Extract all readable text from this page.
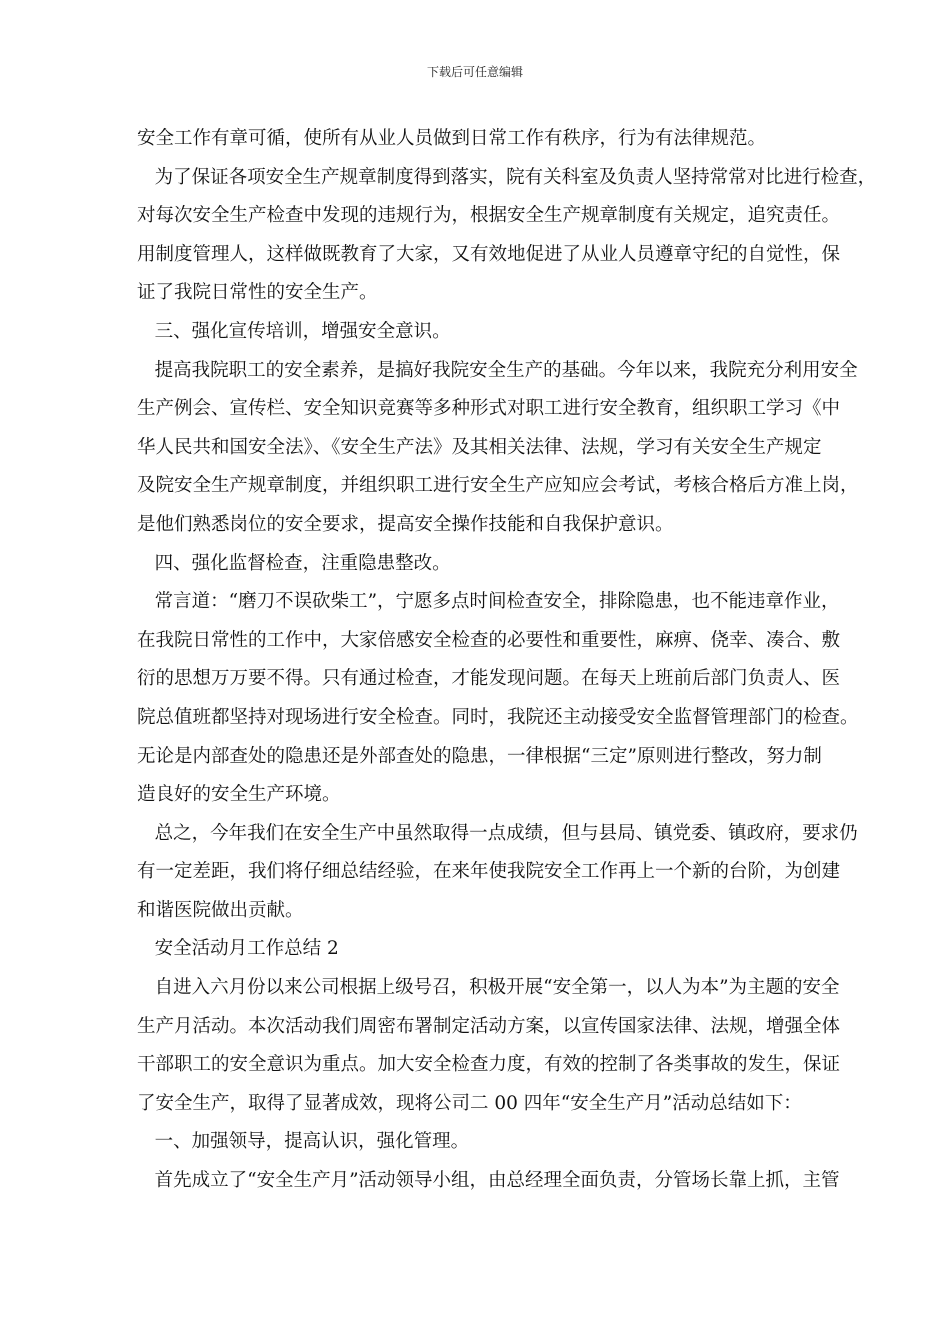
下载后可任意编辑
安全工作有章可循，使所有从业人员做到日常工作有秩序，行为有法律规范。
为了保证各项安全生产规章制度得到落实，院有关科室及负责人坚持常常对比进行检查，
对每次安全生产检查中发现的违规行为，根据安全生产规章制度有关规定，追究责任。
用制度管理人，这样做既教育了大家，又有效地促进了从业人员遵章守纪的自觉性，保
证了我院日常性的安全生产。
三、强化宣传培训，增强安全意识。
提高我院职工的安全素养，是搞好我院安全生产的基础。今年以来，我院充分利用安全
生产例会、宣传栏、安全知识竞赛等多种形式对职工进行安全教育，组织职工学习《中
华人民共和国安全法》、《安全生产法》及其相关法律、法规，学习有关安全生产规定
及院安全生产规章制度，并组织职工进行安全生产应知应会考试，考核合格后方准上岗，
是他们熟悉岗位的安全要求，提高安全操作技能和自我保护意识。
四、强化监督检查，注重隐患整改。
常言道：“磨刀不误砍柴工”，宁愿多点时间检查安全，排除隐患，也不能违章作业，
在我院日常性的工作中，大家倍感安全检查的必要性和重要性，麻痹、侥幸、凑合、敷
衍的思想万万要不得。只有通过检查，才能发现问题。在每天上班前后部门负责人、医
院总值班都坚持对现场进行安全检查。同时，我院还主动接受安全监督管理部门的检查。
无论是内部查处的隐患还是外部查处的隐患，一律根据“三定”原则进行整改，努力制
造良好的安全生产环境。
总之，今年我们在安全生产中虽然取得一点成绩，但与县局、镇党委、镇政府，要求仍
有一定差距，我们将仔细总结经验，在来年使我院安全工作再上一个新的台阶，为创建
和谐医院做出贡献。
安全活动月工作总结 2
自进入六月份以来公司根据上级号召，积极开展“安全第一，以人为本”为主题的安全
生产月活动。本次活动我们周密布署制定活动方案，以宣传国家法律、法规，增强全体
干部职工的安全意识为重点。加大安全检查力度，有效的控制了各类事故的发生，保证
了安全生产，取得了显著成效，现将公司二 00 四年“安全生产月”活动总结如下：
一、加强领导，提高认识，强化管理。
首先成立了“安全生产月”活动领导小组，由总经理全面负责，分管场长靠上抓，主管
